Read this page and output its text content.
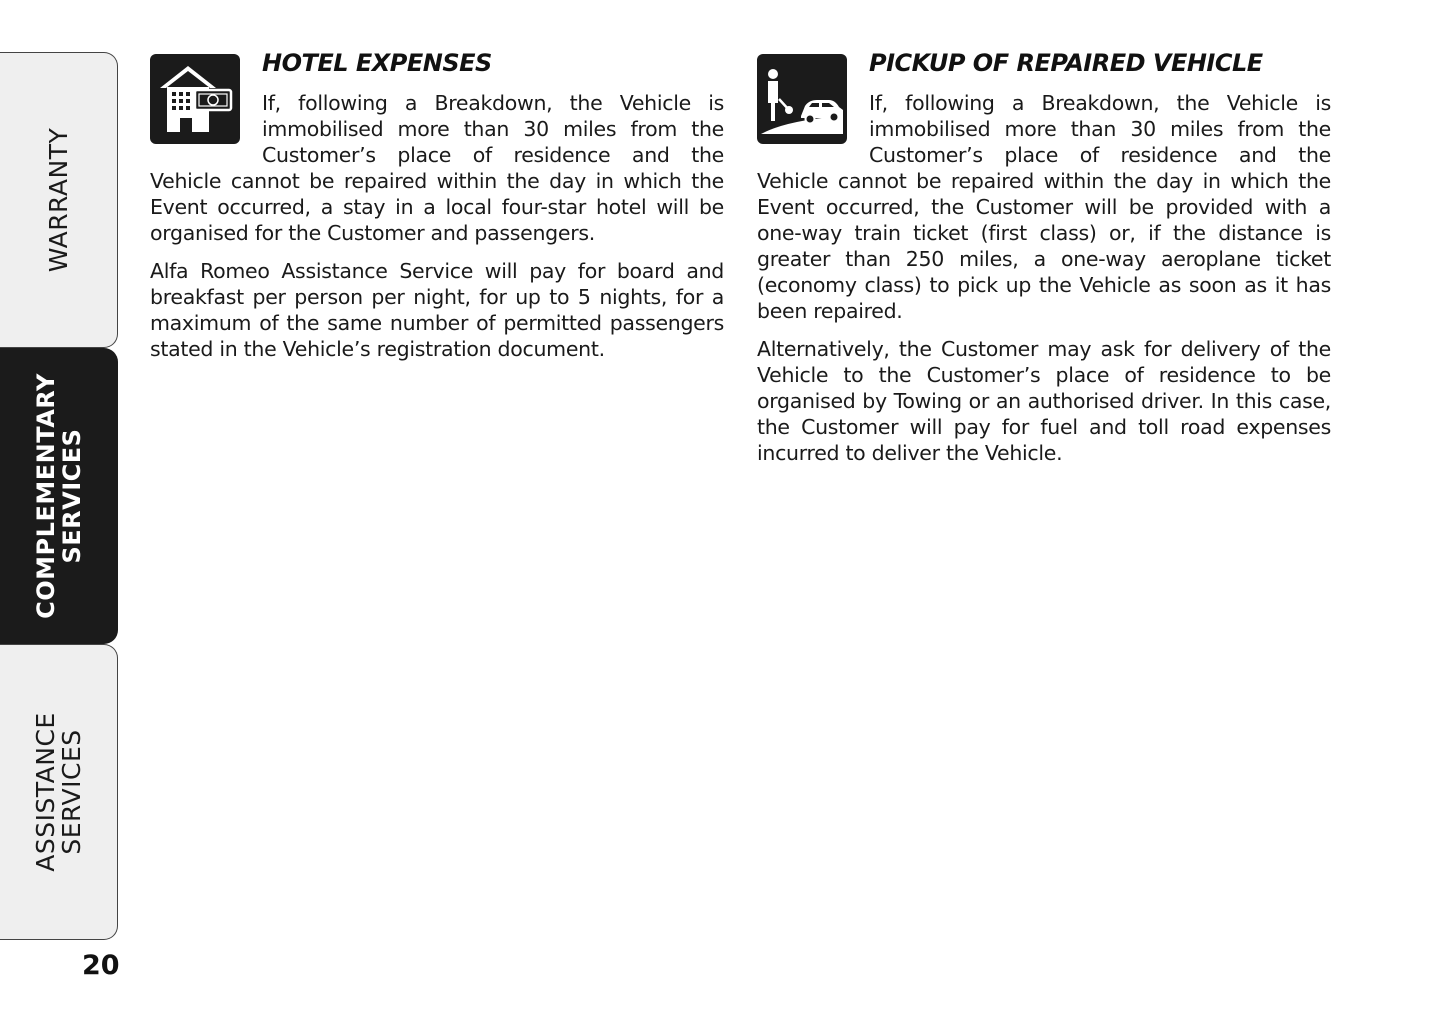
WARRANTY
COMPLEMENTARY
SERVICES
ASSISTANCE
SERVICES
20
HOTEL EXPENSES

If, following a Breakdown, the Vehicle is immobilised more than 30 miles from the Customer’s place of residence and the Vehicle cannot be repaired within the day in which the Event occurred, a stay in a local four-star hotel will be organised for the Customer and passengers.

Alfa Romeo Assistance Service will pay for board and breakfast per person per night, for up to 5 nights, for a maximum of the same number of permitted passengers stated in the Vehicle’s registration document.

PICKUP OF REPAIRED VEHICLE

If, following a Breakdown, the Vehicle is immobilised more than 30 miles from the Customer’s place of residence and the Vehicle cannot be repaired within the day in which the Event occurred, the Customer will be provided with a one-way train ticket (first class) or, if the distance is greater than 250 miles, a one-way aeroplane ticket (economy class) to pick up the Vehicle as soon as it has been repaired.

Alternatively, the Customer may ask for delivery of the Vehicle to the Customer’s place of residence to be organised by Towing or an authorised driver. In this case, the Customer will pay for fuel and toll road expenses incurred to deliver the Vehicle.
